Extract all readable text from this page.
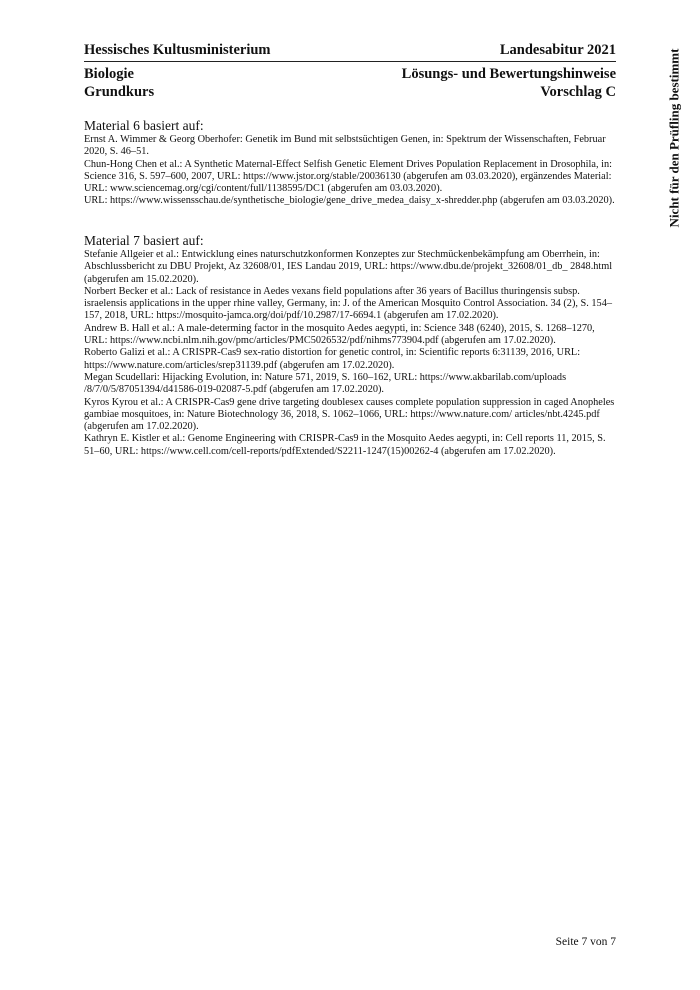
Hessisches Kultusministerium	Landesabitur 2021
Biologie
Grundkurs
Lösungs- und Bewertungshinweise
Vorschlag C	Nicht für den Prüfling bestimmt
Material 6 basiert auf:

Ernst A. Wimmer & Georg Oberhofer: Genetik im Bund mit selbstsüchtigen Genen, in: Spektrum der Wissenschaften, Februar 2020, S. 46–51.

Chun-Hong Chen et al.: A Synthetic Maternal-Effect Selfish Genetic Element Drives Population Replacement in Drosophila, in: Science 316, S. 597–600, 2007, URL: https://www.jstor.org/stable/20036130 (abgerufen am 03.03.2020), ergänzendes Material: URL: www.sciencemag.org/cgi/content/full/1138595/DC1 (abgerufen am 03.03.2020).

URL: https://www.wissensschau.de/synthetische_biologie/gene_drive_medea_daisy_x-shredder.php (abgerufen am 03.03.2020).

Material 7 basiert auf:

Stefanie Allgeier et al.: Entwicklung eines naturschutzkonformen Konzeptes zur Stechmückenbekämpfung am Oberrhein, in: Abschlussbericht zu DBU Projekt, Az 32608/01, IES Landau 2019, URL: https://www.dbu.de/projekt_32608/01_db_ 2848.html (abgerufen am 15.02.2020).

Norbert Becker et al.: Lack of resistance in Aedes vexans field populations after 36 years of Bacillus thuringensis subsp. israelensis applications in the upper rhine valley, Germany, in: J. of the American Mosquito Control Association. 34 (2), S. 154–157, 2018, URL: https://mosquito-jamca.org/doi/pdf/10.2987/17-6694.1 (abgerufen am 17.02.2020).

Andrew B. Hall et al.: A male-determing factor in the mosquito Aedes aegypti, in: Science 348 (6240), 2015, S. 1268–1270, URL: https://www.ncbi.nlm.nih.gov/pmc/articles/PMC5026532/pdf/nihms773904.pdf (abgerufen am 17.02.2020).

Roberto Galizi et al.: A CRISPR-Cas9 sex-ratio distortion for genetic control, in: Scientific reports 6:31139, 2016, URL: https://www.nature.com/articles/srep31139.pdf (abgerufen am 17.02.2020).

Megan Scudellari: Hijacking Evolution, in: Nature 571, 2019, S. 160–162, URL: https://www.akbarilab.com/uploads /8/7/0/5/87051394/d41586-019-02087-5.pdf (abgerufen am 17.02.2020).

Kyros Kyrou et al.: A CRISPR-Cas9 gene drive targeting doublesex causes complete population suppression in caged Anopheles gambiae mosquitoes, in: Nature Biotechnology 36, 2018, S. 1062–1066, URL: https://www.nature.com/ articles/nbt.4245.pdf (abgerufen am 17.02.2020).

Kathryn E. Kistler et al.: Genome Engineering with CRISPR-Cas9 in the Mosquito Aedes aegypti, in: Cell reports 11, 2015, S. 51–60, URL: https://www.cell.com/cell-reports/pdfExtended/S2211-1247(15)00262-4 (abgerufen am 17.02.2020).

Seite 7 von 7
